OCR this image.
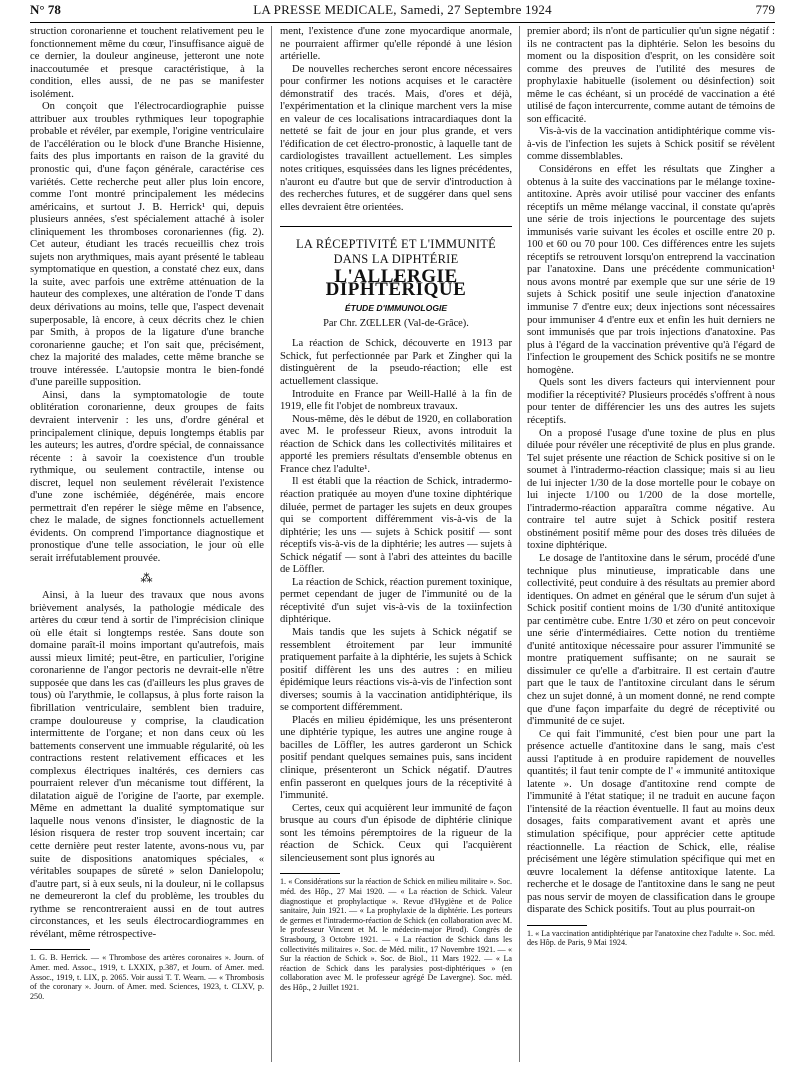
N° 78	LA PRESSE MEDICALE, Samedi, 27 Septembre 1924	779

struction coronarienne et touchent relativement peu le fonctionnement même du cœur, l'insuffisance aiguë de ce dernier, la douleur angineuse, jetteront une note inaccoutumée et presque caractéristique, à la condition, elles aussi, de ne pas se manifester isolément.

On conçoit que l'électrocardiographie puisse attribuer aux troubles rythmiques leur topographie probable et révéler, par exemple, l'origine ventriculaire de l'accélération ou le block d'une Branche Hisienne, faits des plus importants en raison de la gravité du pronostic qui, d'une façon générale, caractérise ces variétés. Cette recherche peut aller plus loin encore, comme l'ont montré principalement les médecins américains, et surtout J. B. Herrick¹ qui, depuis plusieurs années, s'est spécialement attaché à isoler cliniquement les thromboses coronariennes (fig. 2). Cet auteur, étudiant les tracés recueillis chez trois sujets non arythmiques, mais ayant présenté le tableau symptomatique en question, a constaté chez eux, dans la suite, avec parfois une extrême atténuation de la hauteur des complexes, une altération de l'onde T dans deux dérivations au moins, telle que, l'aspect devenait superposable, là encore, à ceux décrits chez le chien par Smith, à propos de la ligature d'une branche coronarienne gauche; et l'on sait que, précisément, chez la majorité des malades, cette même branche se trouve intéressée. L'autopsie montra le bien-fondé d'une pareille supposition.

Ainsi, dans la symptomatologie de toute oblitération coronarienne, deux groupes de faits devraient intervenir : les uns, d'ordre général et principalement clinique, depuis longtemps établis par les auteurs; les autres, d'ordre spécial, de connaissance récente : à savoir la coexistence d'un trouble rythmique, ou seulement contractile, intense ou discret, lequel non seulement révélerait l'existence d'une zone ischémiée, dégénérée, mais encore permettrait d'en repérer le siège même en l'absence, chez le malade, de signes fonctionnels actuellement évidents. On comprend l'importance diagnostique et pronostique d'une telle association, le jour où elle serait irréfutablement prouvée.

⁂

Ainsi, à la lueur des travaux que nous avons brièvement analysés, la pathologie médicale des artères du cœur tend à sortir de l'imprécision clinique où elle était si longtemps restée. Sans doute son domaine paraît-il moins important qu'autrefois, mais aussi mieux limité; peut-être, en particulier, l'origine coronarienne de l'angor pectoris ne devrait-elle n'être supposée que dans les cas (d'ailleurs les plus graves de tous) où l'arythmie, le collapsus, à plus forte raison la fibrillation ventriculaire, semblent bien traduire, crampe douloureuse y comprise, la claudication intermittente de l'organe; et non dans ceux où les battements conservent une immuable régularité, où les contractions restent relativement efficaces et les complexus électriques inaltérés, ces derniers cas pourraient relever d'un mécanisme tout différent, la dilatation aiguë de l'origine de l'aorte, par exemple. Même en admettant la dualité symptomatique sur laquelle nous venons d'insister, le diagnostic de la lésion risquera de rester trop souvent incertain; car cette dernière peut rester latente, avons-nous vu, par suite de dispositions anatomiques spéciales, « véritables soupapes de sûreté » selon Danielopolu; d'autre part, si à eux seuls, ni la douleur, ni le collapsus ne demeureront la clef du problème, les troubles du rythme se rencontreraient aussi en de tout autres circonstances, et les seuls électrocardiogrammes en révélant, même rétrospective-

1. G. B. Herrick. — « Thrombose des artères coronaires ». Journ. of Amer. med. Assoc., 1919, t. LXXIX, p.387, et Journ. of Amer. med. Assoc., 1919, t. LIX, p. 2065. Voir aussi T. T. Wearn. — « Thrombosis of the coronary ». Journ. of Amer. med. Sciences, 1923, t. CLXV, p. 250.

ment, l'existence d'une zone myocardique anormale, ne pourraient affirmer qu'elle répondé à une lésion artérielle.

De nouvelles recherches seront encore nécessaires pour confirmer les notions acquises et le caractère démonstratif des tracés. Mais, d'ores et déjà, l'expérimentation et la clinique marchent vers la mise en valeur de ces localisations intracardiaques dont la netteté se fait de jour en jour plus grande, et vers l'édification de cet électro-pronostic, à laquelle tant de cardiologistes travaillent actuellement. Les simples notes critiques, esquissées dans les lignes précédentes, n'auront eu d'autre but que de servir d'introduction à des recherches futures, et de suggérer dans quel sens elles devraient être orientées.

LA RÉCEPTIVITÉ ET L'IMMUNITÉ
DANS LA DIPHTÉRIE
L'ALLERGIE DIPHTÉRIQUE
ÉTUDE D'IMMUNOLOGIE
Par Chr. ZŒLLER (Val-de-Grâce).

La réaction de Schick, découverte en 1913 par Schick, fut perfectionnée par Park et Zingher qui la distinguèrent de la pseudo-réaction; elle est actuellement classique.

Introduite en France par Weill-Hallé à la fin de 1919, elle fit l'objet de nombreux travaux.

Nous-même, dès le début de 1920, en collaboration avec M. le professeur Rieux, avons introduit la réaction de Schick dans les collectivités militaires et apporté les premiers résultats d'ensemble obtenus en France chez l'adulte¹.

Il est établi que la réaction de Schick, intradermo-réaction pratiquée au moyen d'une toxine diphtérique diluée, permet de partager les sujets en deux groupes qui se comportent différemment vis-à-vis de la diphtérie; les uns — sujets à Schick positif — sont réceptifs vis-à-vis de la diphtérie; les autres — sujets à Schick négatif — sont à l'abri des atteintes du bacille de Löffler.

La réaction de Schick, réaction purement toxinique, permet cependant de juger de l'immunité ou de la réceptivité d'un sujet vis-à-vis de la toxiinfection diphtérique.

Mais tandis que les sujets à Schick négatif se ressemblent étroitement par leur immunité pratiquement parfaite à la diphtérie, les sujets à Schick positif diffèrent les uns des autres : en milieu épidémique leurs réactions vis-à-vis de l'infection sont diverses; soumis à la vaccination antidiphtérique, ils se comportent différemment.

Placés en milieu épidémique, les uns présenteront une diphtérie typique, les autres une angine rouge à bacilles de Löffler, les autres garderont un Schick positif pendant quelques semaines puis, sans incident clinique, présenteront un Schick négatif. D'autres enfin passeront en quelques jours de la réceptivité à l'immunité.

Certes, ceux qui acquièrent leur immunité de façon brusque au cours d'un épisode de diphtérie clinique sont les témoins péremptoires de la rigueur de la réaction de Schick. Ceux qui l'acquièrent silencieusement sont plus ignorés au

1. « Considérations sur la réaction de Schick en milieu militaire ». Soc. méd. des Hôp., 27 Mai 1920. — « La réaction de Schick. Valeur diagnostique et prophylactique ». Revue d'Hygiène et de Police sanitaire, Juin 1921. — « La prophylaxie de la diphtérie. Les porteurs de germes et l'intradermo-réaction de Schick (en collaboration avec M. le professeur Vincent et M. le médecin-major Pirod). Congrès de Strasbourg, 3 Octobre 1921. — « La réaction de Schick dans les collectivités militaires ». Soc. de Méd. milit., 17 Novembre 1921. — « Sur la réaction de Schick ». Soc. de Biol., 11 Mars 1922. — « La réaction de Schick dans les paralysies post-diphtériques » (en collaboration avec M. le professeur agrégé De Lavergne). Soc. méd. des Hôp., 2 Juillet 1921.

premier abord; ils n'ont de particulier qu'un signe négatif : ils ne contractent pas la diphtérie. Selon les besoins du moment ou la disposition d'esprit, on les considère soit comme des preuves de l'utilité des mesures de prophylaxie habituelle (isolement ou désinfection) soit même le cas échéant, si un procédé de vaccination a été utilisé de façon intercurrente, comme autant de témoins de son efficacité.

Vis-à-vis de la vaccination antidiphtérique comme vis-à-vis de l'infection les sujets à Schick positif se révèlent comme dissemblables.

Considérons en effet les résultats que Zingher a obtenus à la suite des vaccinations par le mélange toxine-antitoxine. Après avoir utilisé pour vacciner des enfants réceptifs un même mélange vaccinal, il constate qu'après une série de trois injections le pourcentage des sujets immunisés varie suivant les écoles et oscille entre 20 p. 100 et 60 ou 70 pour 100. Ces différences entre les sujets réceptifs se retrouvent lorsqu'on entreprend la vaccination par l'anatoxine. Dans une précédente communication¹ nous avons montré par exemple que sur une série de 19 sujets à Schick positif une seule injection d'anatoxine immunise 7 d'entre eux; deux injections sont nécessaires pour immuniser 4 d'entre eux et enfin les huit derniers ne sont immunisés que par trois injections d'anatoxine. Pas plus à l'égard de la vaccination préventive qu'à l'égard de l'infection le groupement des Schick positifs ne se montre homogène.

Quels sont les divers facteurs qui interviennent pour modifier la réceptivité? Plusieurs procédés s'offrent à nous pour tenter de différencier les uns des autres les sujets réceptifs.

On a proposé l'usage d'une toxine de plus en plus diluée pour révéler une réceptivité de plus en plus grande. Tel sujet présente une réaction de Schick positive si on le soumet à l'intradermo-réaction classique; mais si au lieu de lui injecter 1/30 de la dose mortelle pour le cobaye on lui injecte 1/100 ou 1/200 de la dose mortelle, l'intradermo-réaction apparaîtra comme négative. Au contraire tel autre sujet à Schick positif restera obstinément positif même pour des doses très diluées de toxine diphtérique.

Le dosage de l'antitoxine dans le sérum, procédé d'une technique plus minutieuse, impraticable dans une collectivité, peut conduire à des résultats au premier abord identiques. On admet en général que le sérum d'un sujet à Schick positif contient moins de 1/30 d'unité antitoxique par centimètre cube. Entre 1/30 et zéro on peut concevoir une série d'intermédiaires. Cette notion du trentième d'unité antitoxique nécessaire pour assurer l'immunité se montre pratiquement suffisante; on ne saurait se dissimuler ce qu'elle a d'arbitraire. Il est certain d'autre part que le taux de l'antitoxine circulant dans le sérum chez un sujet donné, à un moment donné, ne rend compte que d'une façon imparfaite du degré de réceptivité ou d'immunité de ce sujet.

Ce qui fait l'immunité, c'est bien pour une part la présence actuelle d'antitoxine dans le sang, mais c'est aussi l'aptitude à en produire rapidement de nouvelles quantités; il faut tenir compte de l' « immunité antitoxique latente ». Un dosage d'antitoxine rend compte de l'immunité à l'état statique; il ne traduit en aucune façon l'intensité de la réaction éventuelle. Il faut au moins deux dosages, faits comparativement avant et après une stimulation spécifique, pour apprécier cette aptitude réactionnelle. La réaction de Schick, elle, réalise précisément une légère stimulation spécifique qui met en œuvre localement la défense antitoxique latente. La recherche et le dosage de l'antitoxine dans le sang ne peut pas nous servir de moyen de classification dans le groupe disparate des Schick positifs. Tout au plus pourrait-on

1. « La vaccination antidiphtérique par l'anatoxine chez l'adulte ». Soc. méd. des Hôp. de Paris, 9 Mai 1924.
